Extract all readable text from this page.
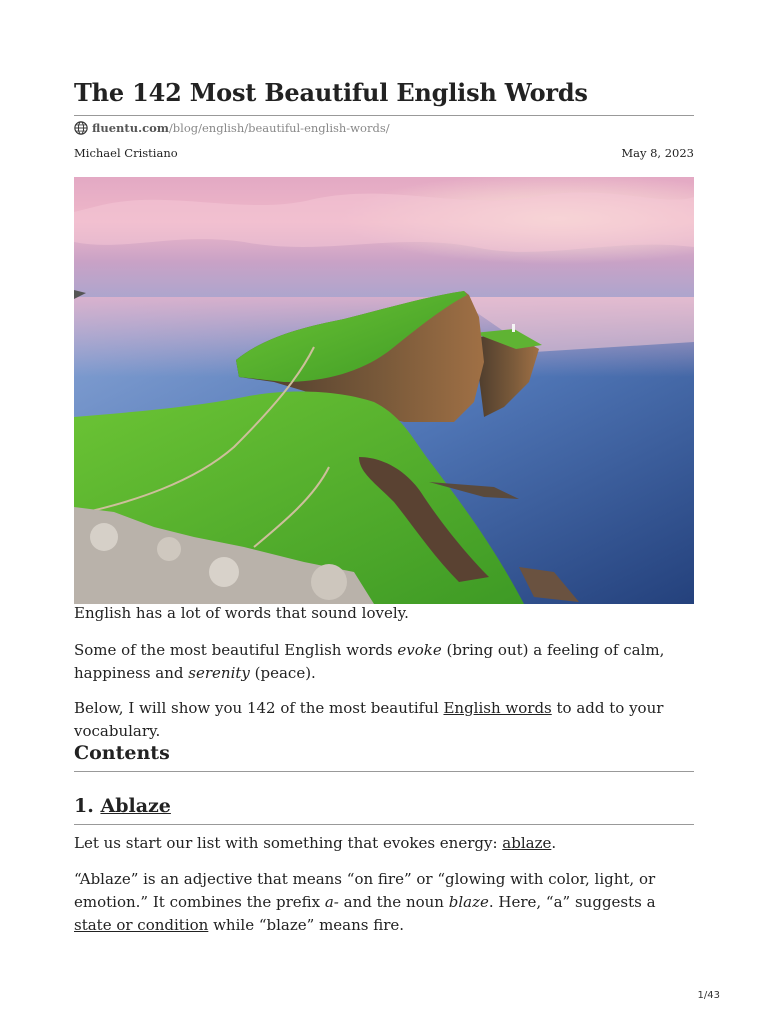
The 142 Most Beautiful English Words
fluentu.com /blog/english/beautiful-english-words/
Michael Cristiano	May 8, 2023

English has a lot of words that sound lovely.

Some of the most beautiful English words evoke (bring out) a feeling of calm, happiness and serenity (peace).

Below, I will show you 142 of the most beautiful English words to add to your vocabulary.

Contents
1. Ablaze

Let us start our list with something that evokes energy: ablaze.

“Ablaze” is an adjective that means “on fire” or “glowing with color, light, or emotion.” It combines the prefix a- and the noun blaze. Here, “a” suggests a state or condition while “blaze” means fire.

1/43
